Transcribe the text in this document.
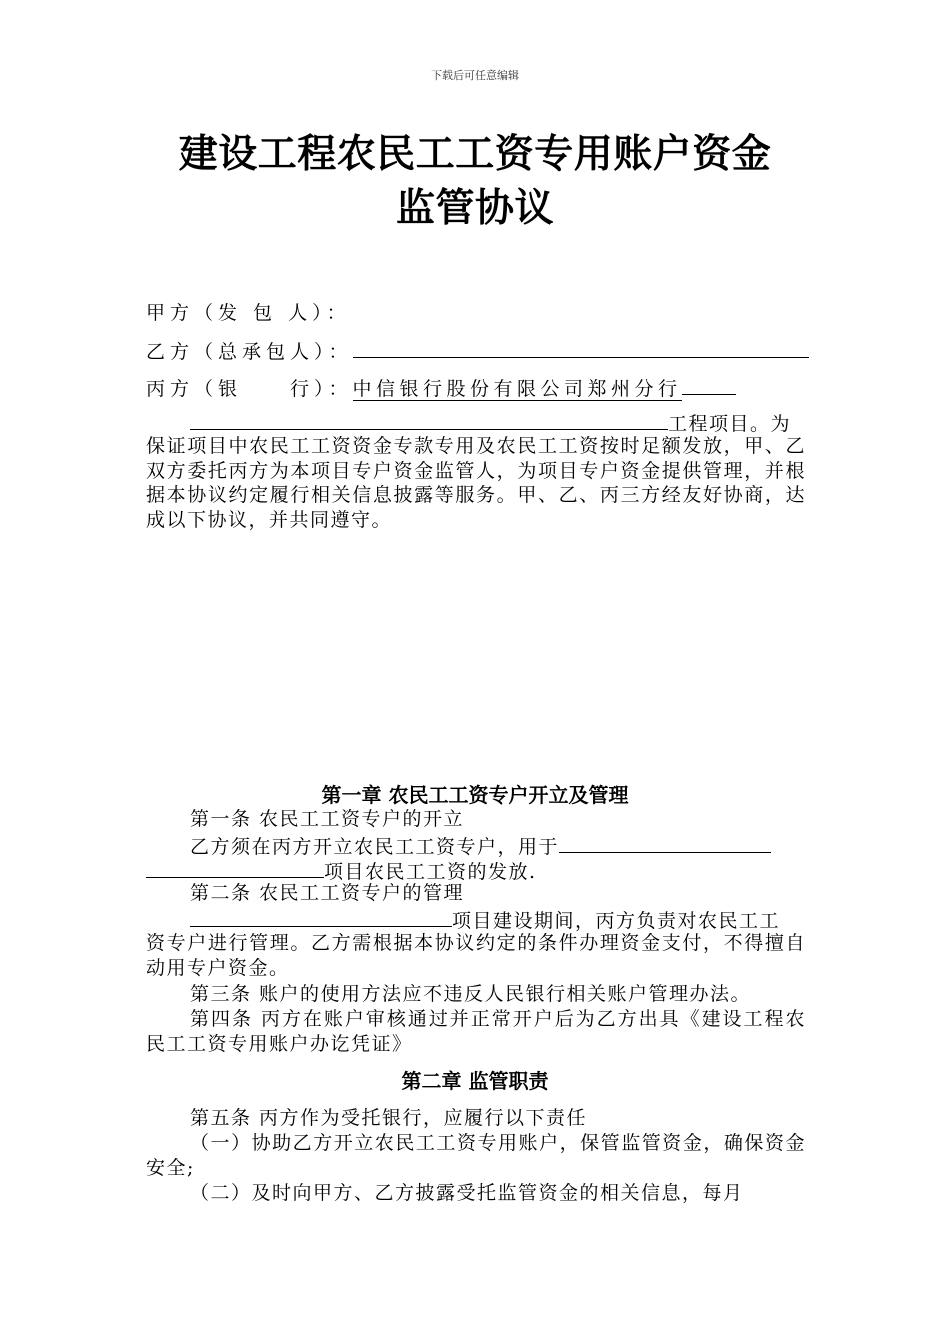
下载后可任意编辑
建设工程农民工工资专用账户资金
监管协议
甲方（发 包 人）：
乙方（总承包人）：
丙方（银　　行）：中信银行股份有限公司郑州分行
工程项目。为
保证项目中农民工工资资金专款专用及农民工工资按时足额发放，甲、乙双方委托丙方为本项目专户资金监管人，为项目专户资金提供管理，并根据本协议约定履行相关信息披露等服务。甲、乙、丙三方经友好协商，达成以下协议，并共同遵守。
第一章 农民工工资专户开立及管理
第一条 农民工工资专户的开立
乙方须在丙方开立农民工工资专户，用于
项目农民工工资的发放.
第二条 农民工工资专户的管理
项目建设期间，丙方负责对农民工工
资专户进行管理。乙方需根据本协议约定的条件办理资金支付，不得擅自动用专户资金。
第三条 账户的使用方法应不违反人民银行相关账户管理办法。
第四条 丙方在账户审核通过并正常开户后为乙方出具《建设工程农民工工资专用账户办讫凭证》
第二章 监管职责
第五条 丙方作为受托银行，应履行以下责任
（一）协助乙方开立农民工工资专用账户，保管监管资金，确保资金安全;
（二）及时向甲方、乙方披露受托监管资金的相关信息，每月
